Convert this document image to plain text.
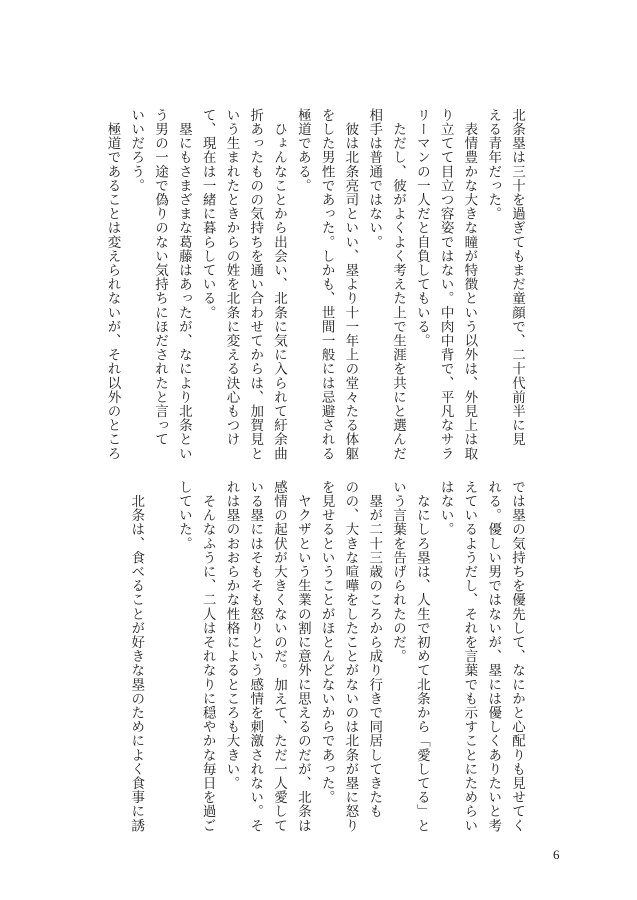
北条塁は三十を過ぎてもまだ童顔で、二十代前半に見

える青年だった。

　表情豊かな大きな瞳が特徴という以外は、外見上は取

り立てて目立つ容姿ではない。中肉中背で、平凡なサラ

リーマンの一人だと自負してもいる。

　ただし、彼がよくよく考えた上で生涯を共にと選んだ

相手は普通ではない。

　彼は北条亮司といい、塁より十一年上の堂々たる体躯

をした男性であった。しかも、世間一般には忌避される

極道である。

　ひょんなことから出会い、北条に気に入られて紆余曲

折あったものの気持ちを通い合わせてからは、加賀見と

いう生まれたときからの姓を北条に変える決心もつけ

て、現在は一緒に暮らしている。

　塁にもさまざまな葛藤はあったが、なにより北条とい

う男の一途で偽りのない気持ちにほだされたと言って

いいだろう。

　極道であることは変えられないが、それ以外のところ

では塁の気持ちを優先して、なにかと心配りも見せてく

れる。優しい男ではないが、塁には優しくありたいと考

えているようだし、それを言葉でも示すことにためらい

はない。

　なにしろ塁は、人生で初めて北条から「愛してる」と

いう言葉を告げられたのだ。

　塁が二十三歳のころから成り行きで同居してきたも

のの、大きな喧嘩をしたことがないのは北条が塁に怒り

を見せるということがほとんどないからであった。

　ヤクザという生業の割に意外に思えるのだが、北条は

感情の起伏が大きくないのだ。加えて、ただ一人愛して

いる塁にはそもそも怒りという感情を刺激されない。そ

れは塁のおおらかな性格によるところも大きい。

　そんなふうに、二人はそれなりに穏やかな毎日を過ご

していた。

　北条は、食べることが好きな塁のためによく食事に誘

6
